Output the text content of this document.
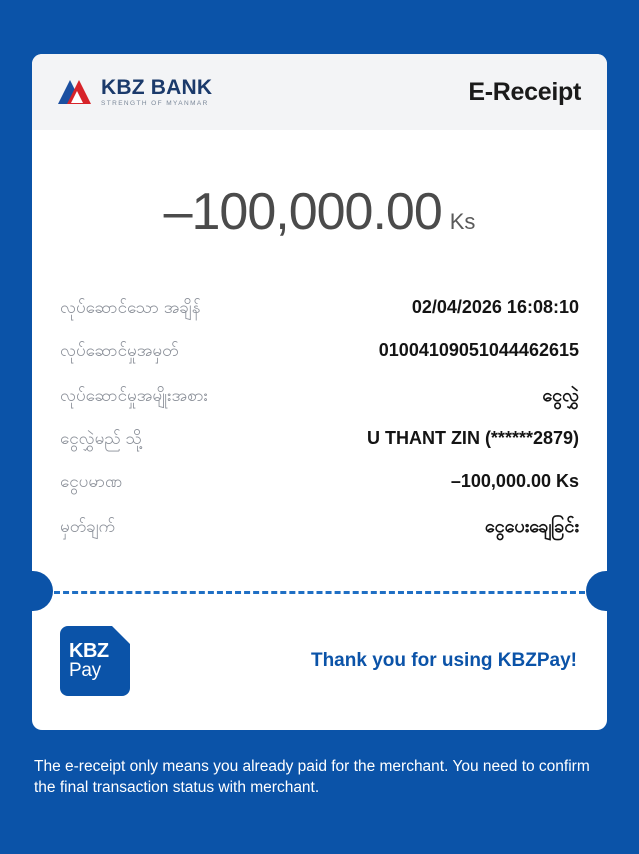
KBZ BANK
STRENGTH OF MYANMAR	E-Receipt
–100,000.00 Ks
လုပ်ဆောင်သော အချိန်	02/04/2026 16:08:10
လုပ်ဆောင်မှုအမှတ်	01004109051044462615
လုပ်ဆောင်မှုအမျိုးအစား	ငွေလွှဲ
ငွေလွှဲမည် သို့	U THANT ZIN (******2879)
ငွေပမာဏ	–100,000.00 Ks
မှတ်ချက်	ငွေပေးချေခြင်း
KBZ
Pay	Thank you for using KBZPay!
The e-receipt only means you already paid for the merchant. You need to confirm the final transaction status with merchant.
